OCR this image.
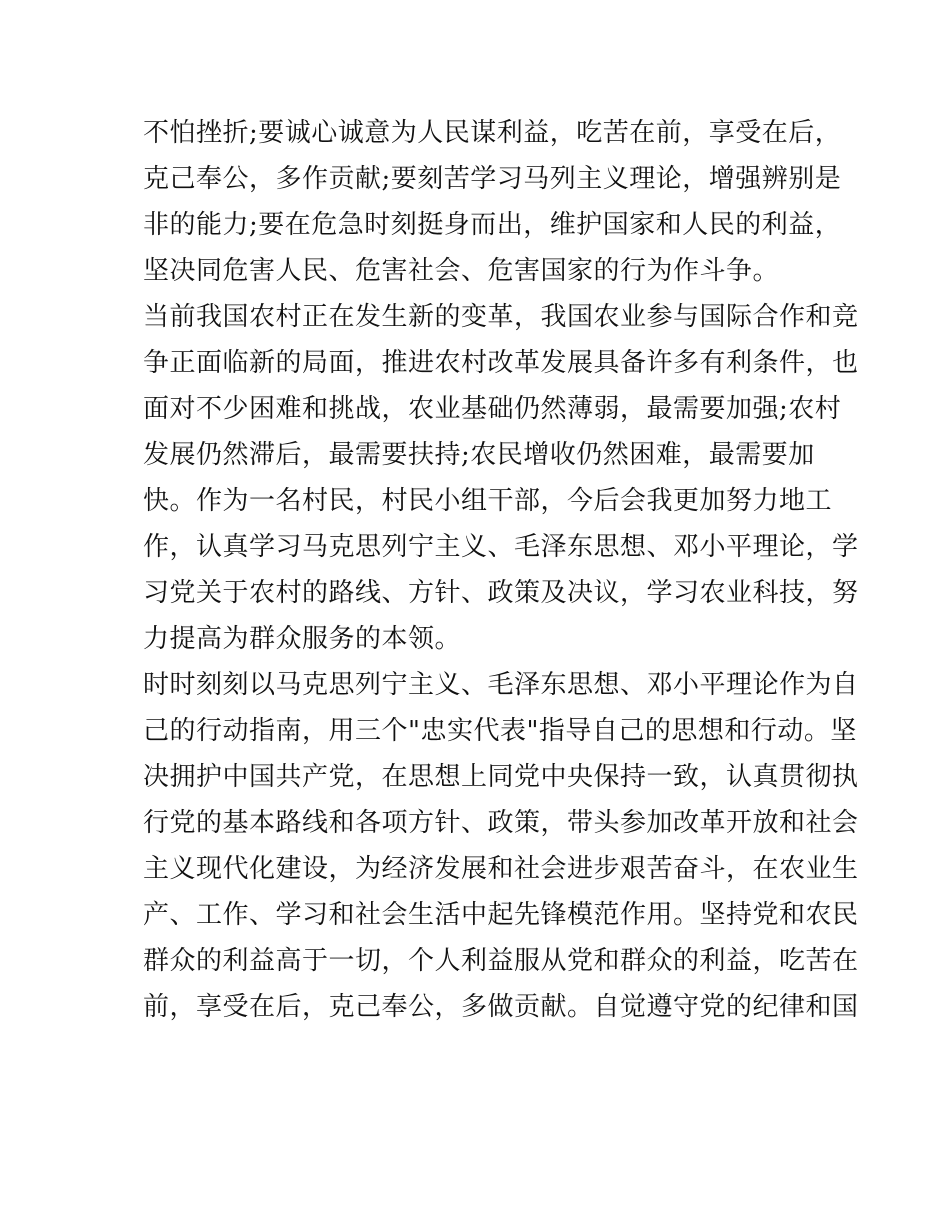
不怕挫折;要诚心诚意为人民谋利益，吃苦在前，享受在后，
克己奉公，多作贡献;要刻苦学习马列主义理论，增强辨别是
非的能力;要在危急时刻挺身而出，维护国家和人民的利益，
坚决同危害人民、危害社会、危害国家的行为作斗争。
当前我国农村正在发生新的变革，我国农业参与国际合作和竞
争正面临新的局面，推进农村改革发展具备许多有利条件，也
面对不少困难和挑战，农业基础仍然薄弱，最需要加强;农村
发展仍然滞后，最需要扶持;农民增收仍然困难，最需要加
快。作为一名村民，村民小组干部，今后会我更加努力地工
作，认真学习马克思列宁主义、毛泽东思想、邓小平理论，学
习党关于农村的路线、方针、政策及决议，学习农业科技，努
力提高为群众服务的本领。
时时刻刻以马克思列宁主义、毛泽东思想、邓小平理论作为自
己的行动指南，用三个"忠实代表"指导自己的思想和行动。坚
决拥护中国共产党，在思想上同党中央保持一致，认真贯彻执
行党的基本路线和各项方针、政策，带头参加改革开放和社会
主义现代化建设，为经济发展和社会进步艰苦奋斗，在农业生
产、工作、学习和社会生活中起先锋模范作用。坚持党和农民
群众的利益高于一切，个人利益服从党和群众的利益，吃苦在
前，享受在后，克己奉公，多做贡献。自觉遵守党的纪律和国
